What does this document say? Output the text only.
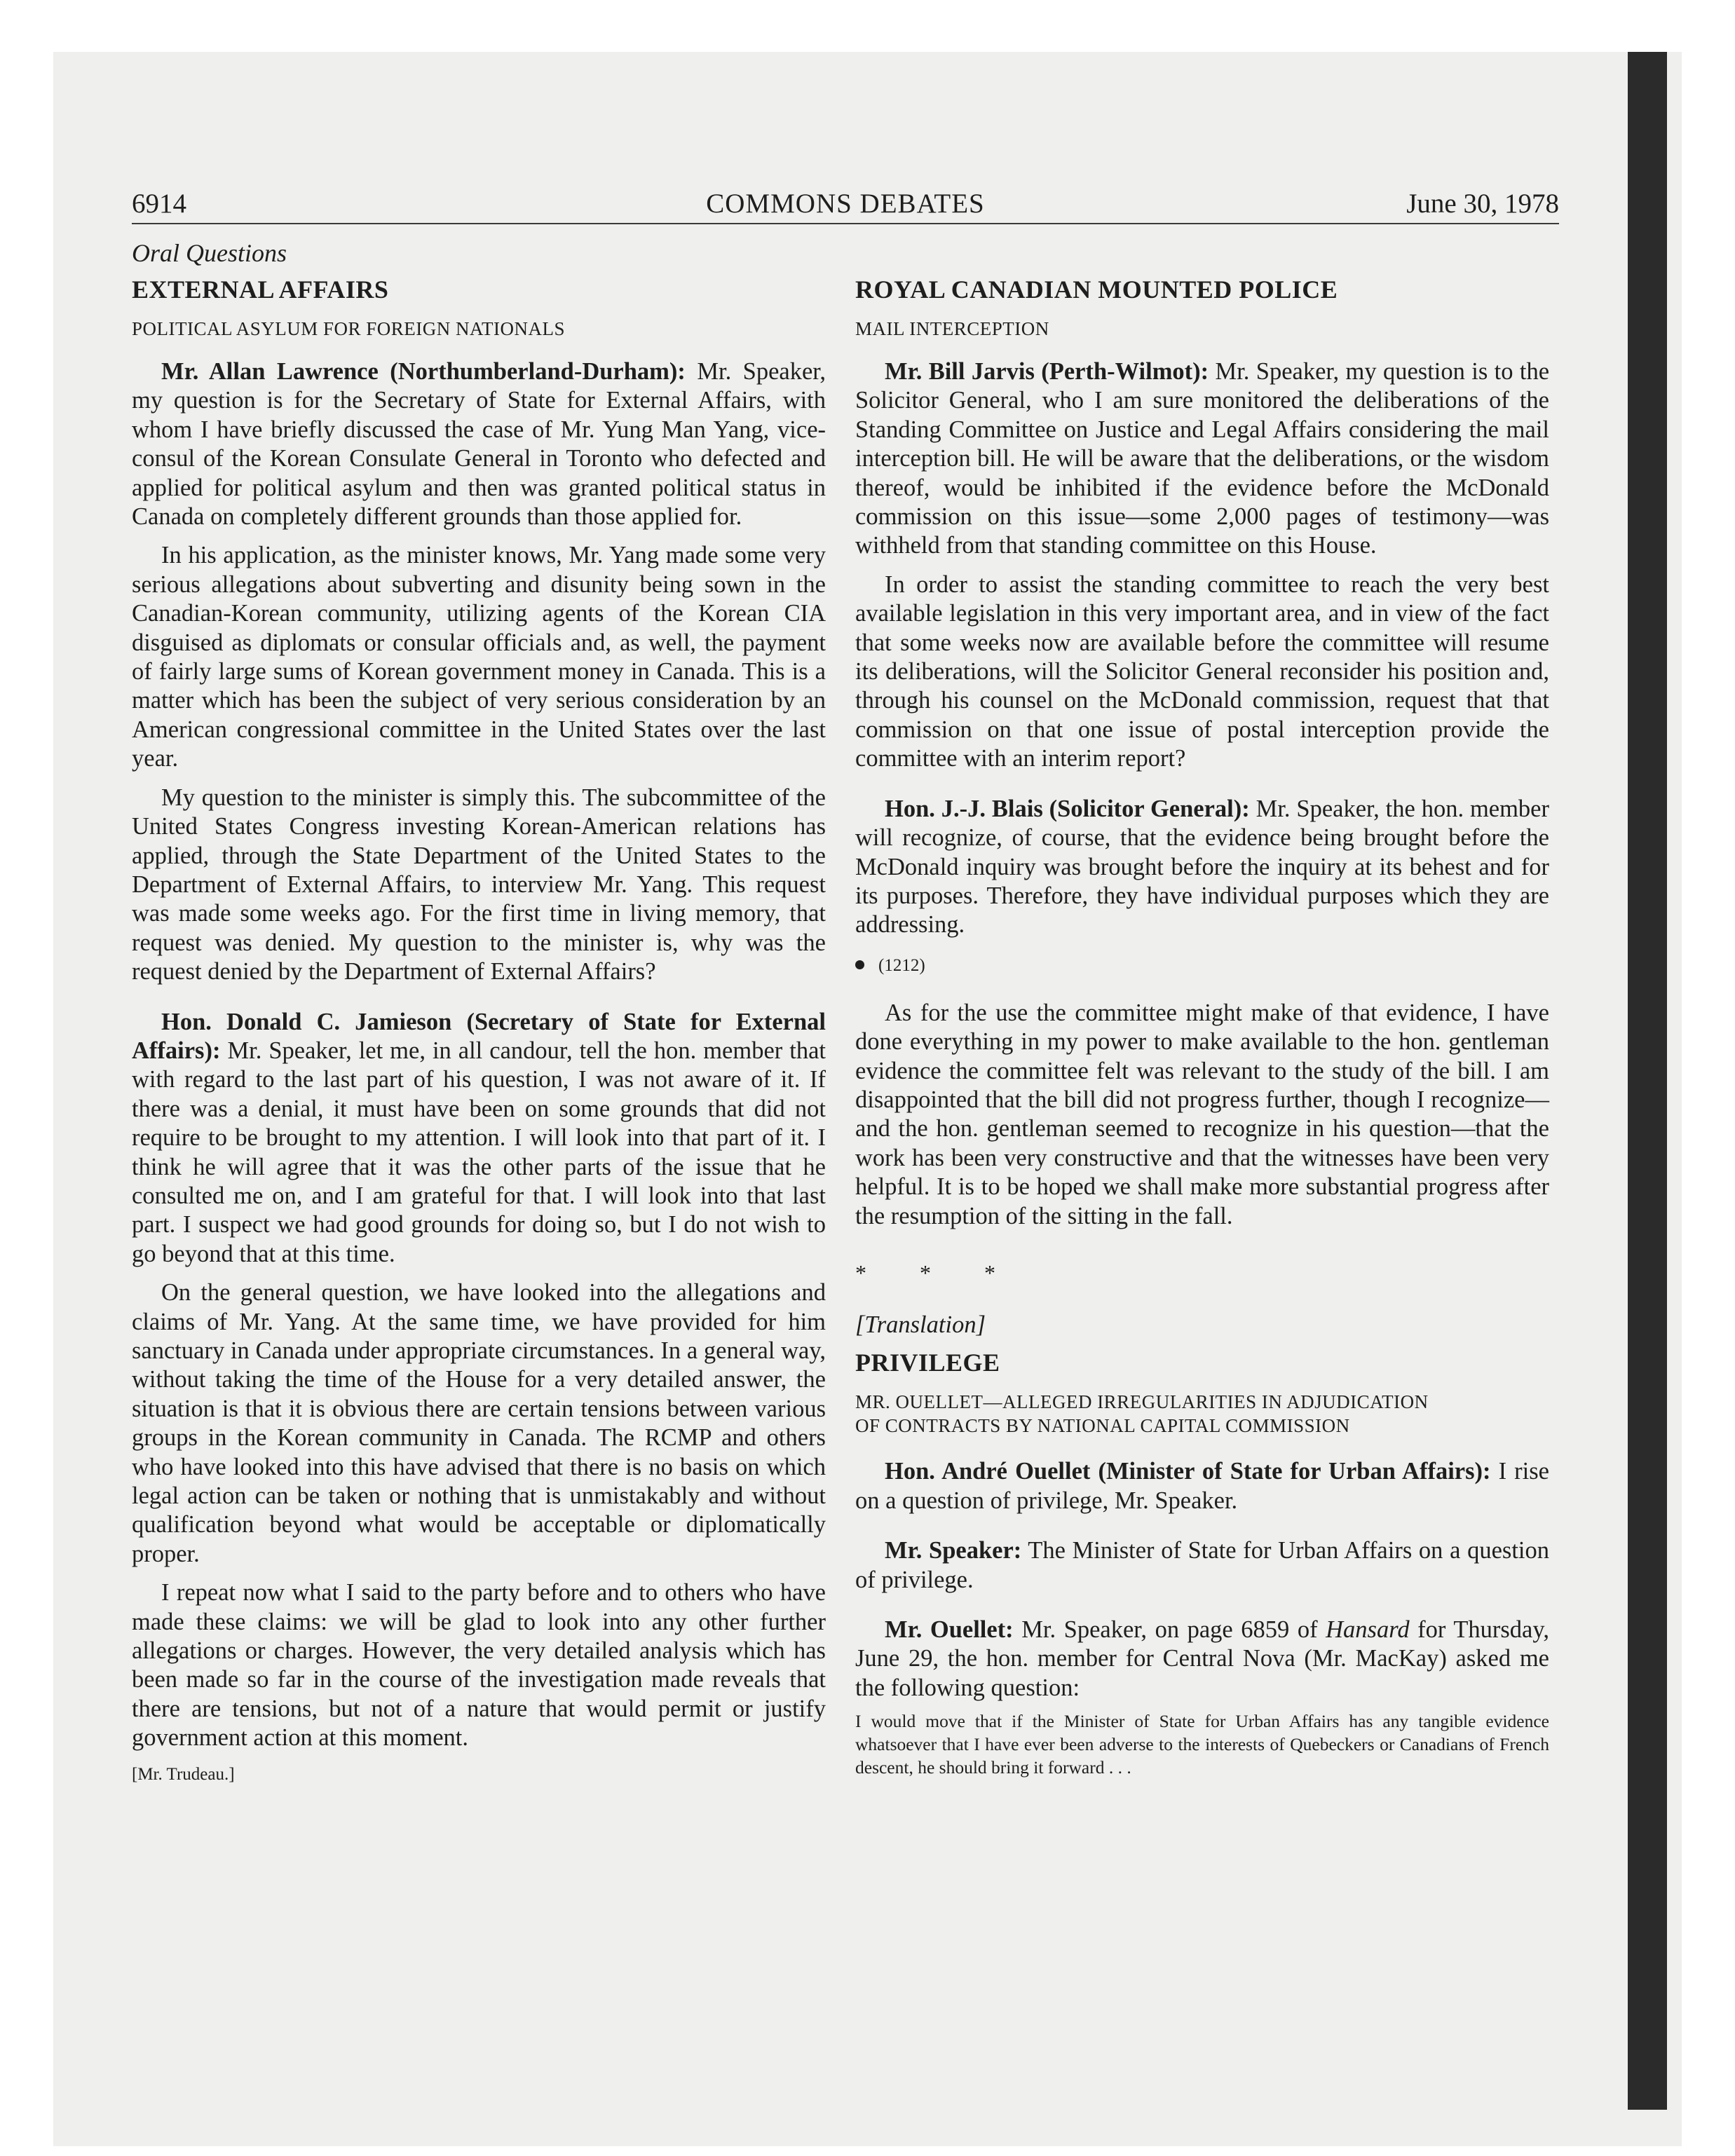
6914	COMMONS DEBATES	June 30, 1978

Oral Questions

EXTERNAL AFFAIRS

POLITICAL ASYLUM FOR FOREIGN NATIONALS

Mr. Allan Lawrence (Northumberland-Durham): Mr. Speaker, my question is for the Secretary of State for External Affairs, with whom I have briefly discussed the case of Mr. Yung Man Yang, vice-consul of the Korean Consulate General in Toronto who defected and applied for political asylum and then was granted political status in Canada on completely different grounds than those applied for.

In his application, as the minister knows, Mr. Yang made some very serious allegations about subverting and disunity being sown in the Canadian-Korean community, utilizing agents of the Korean CIA disguised as diplomats or consular officials and, as well, the payment of fairly large sums of Korean government money in Canada. This is a matter which has been the subject of very serious consideration by an American congressional committee in the United States over the last year.

My question to the minister is simply this. The subcommittee of the United States Congress investing Korean-American relations has applied, through the State Department of the United States to the Department of External Affairs, to interview Mr. Yang. This request was made some weeks ago. For the first time in living memory, that request was denied. My question to the minister is, why was the request denied by the Department of External Affairs?

Hon. Donald C. Jamieson (Secretary of State for External Affairs): Mr. Speaker, let me, in all candour, tell the hon. member that with regard to the last part of his question, I was not aware of it. If there was a denial, it must have been on some grounds that did not require to be brought to my attention. I will look into that part of it. I think he will agree that it was the other parts of the issue that he consulted me on, and I am grateful for that. I will look into that last part. I suspect we had good grounds for doing so, but I do not wish to go beyond that at this time.

On the general question, we have looked into the allegations and claims of Mr. Yang. At the same time, we have provided for him sanctuary in Canada under appropriate circumstances. In a general way, without taking the time of the House for a very detailed answer, the situation is that it is obvious there are certain tensions between various groups in the Korean community in Canada. The RCMP and others who have looked into this have advised that there is no basis on which legal action can be taken or nothing that is unmistakably and without qualification beyond what would be acceptable or diplomatically proper.

I repeat now what I said to the party before and to others who have made these claims: we will be glad to look into any other further allegations or charges. However, the very detailed analysis which has been made so far in the course of the investigation made reveals that there are tensions, but not of a nature that would permit or justify government action at this moment.

[Mr. Trudeau.]

ROYAL CANADIAN MOUNTED POLICE

MAIL INTERCEPTION

Mr. Bill Jarvis (Perth-Wilmot): Mr. Speaker, my question is to the Solicitor General, who I am sure monitored the deliberations of the Standing Committee on Justice and Legal Affairs considering the mail interception bill. He will be aware that the deliberations, or the wisdom thereof, would be inhibited if the evidence before the McDonald commission on this issue—some 2,000 pages of testimony—was withheld from that standing committee on this House.

In order to assist the standing committee to reach the very best available legislation in this very important area, and in view of the fact that some weeks now are available before the committee will resume its deliberations, will the Solicitor General reconsider his position and, through his counsel on the McDonald commission, request that that commission on that one issue of postal interception provide the committee with an interim report?

Hon. J.-J. Blais (Solicitor General): Mr. Speaker, the hon. member will recognize, of course, that the evidence being brought before the McDonald inquiry was brought before the inquiry at its behest and for its purposes. Therefore, they have individual purposes which they are addressing.

(1212)

As for the use the committee might make of that evidence, I have done everything in my power to make available to the hon. gentleman evidence the committee felt was relevant to the study of the bill. I am disappointed that the bill did not progress further, though I recognize—and the hon. gentleman seemed to recognize in his question—that the work has been very constructive and that the witnesses have been very helpful. It is to be hoped we shall make more substantial progress after the resumption of the sitting in the fall.

* * *

[Translation]

PRIVILEGE

MR. OUELLET—ALLEGED IRREGULARITIES IN ADJUDICATION

OF CONTRACTS BY NATIONAL CAPITAL COMMISSION

Hon. André Ouellet (Minister of State for Urban Affairs): I rise on a question of privilege, Mr. Speaker.

Mr. Speaker: The Minister of State for Urban Affairs on a question of privilege.

Mr. Ouellet: Mr. Speaker, on page 6859 of Hansard for Thursday, June 29, the hon. member for Central Nova (Mr. MacKay) asked me the following question:

I would move that if the Minister of State for Urban Affairs has any tangible evidence whatsoever that I have ever been adverse to the interests of Quebeckers or Canadians of French descent, he should bring it forward . . .
